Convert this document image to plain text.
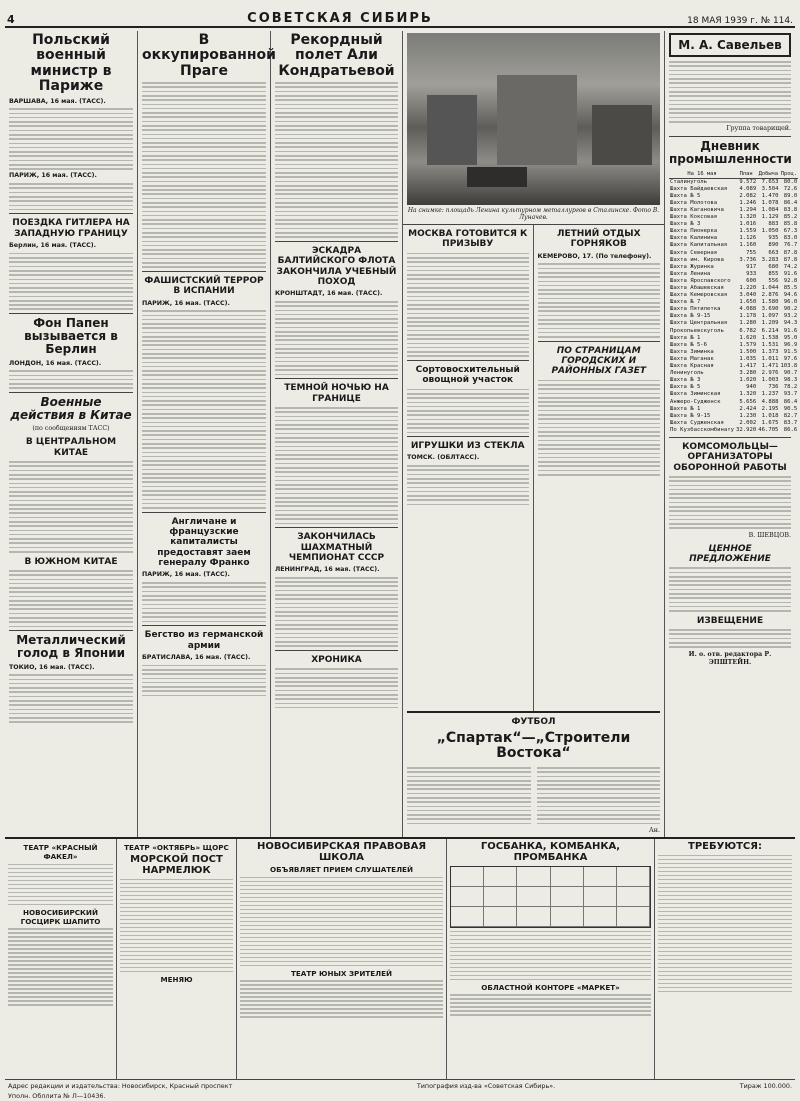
4	СОВЕТСКАЯ СИБИРЬ	18 МАЯ 1939 г. № 114.
Польский военный министр в Париже

ВАРШАВА, 16 мая. (ТАСС).

ПАРИЖ, 16 мая. (ТАСС).

ПОЕЗДКА ГИТЛЕРА НА ЗАПАДНУЮ ГРАНИЦУ

Берлин, 16 мая. (ТАСС).

Фон Папен вызывается в Берлин

ЛОНДОН, 16 мая. (ТАСС).

Военные действия в Китае

(по сообщениям ТАСС)

В ЦЕНТРАЛЬНОМ КИТАЕ
В ЮЖНОМ КИТАЕ
Металлический голод в Японии

ТОКИО, 16 мая. (ТАСС).

В оккупированной Праге
ФАШИСТСКИЙ ТЕРРОР В ИСПАНИИ

ПАРИЖ, 16 мая. (ТАСС).

Англичане и французские капиталисты предоставят заем генералу Франко

ПАРИЖ, 16 мая. (ТАСС).

Бегство из германской армии

БРАТИСЛАВА, 16 мая. (ТАСС).

Рекордный полет Али Кондратьевой
ЭСКАДРА БАЛТИЙСКОГО ФЛОТА ЗАКОНЧИЛА УЧЕБНЫЙ ПОХОД

КРОНШТАДТ, 16 мая. (ТАСС).

ТЕМНОЙ НОЧЬЮ НА ГРАНИЦЕ
ЗАКОНЧИЛАСЬ ШАХМАТНЫЙ ЧЕМПИОНАТ СССР

ЛЕНИНГРАД, 16 мая. (ТАСС).

ХРОНИКА

На снимке: площадь Ленина культурном металлургов в Сталинске. Фото В. Луначев.

МОСКВА ГОТОВИТСЯ К ПРИЗЫВУ
Сортовосхительный овощной участок
ИГРУШКИ ИЗ СТЕКЛА

ТОМСК. (ОБЛТАСС).

ЛЕТНИЙ ОТДЫХ ГОРНЯКОВ

КЕМЕРОВО, 17. (По телефону).

ПО СТРАНИЦАМ ГОРОДСКИХ И РАЙОННЫХ ГАЗЕТ
ФУТБОЛ
„Спартак“—„Строители Востока“

Ан.

М. А. Савельев

Группа товарищей.

Дневник промышленности
На 16 мая	План	Добыча	Проц.
Сталинуголь	9.572	7.653	80.0
Шахта Байдаевская	4.089	3.504	72.6
Шахта № 5	2.082	1.470	89.0
Шахта Молотова	1.246	1.078	86.4
Шахта Кагановича	1.294	1.084	83.8
Шахта Коксовая	1.320	1.129	85.2
Шахта № 3	1.016	883	85.8
Шахта Пионерка	1.559	1.050	67.3
Шахта Калинина	1.126	935	83.0
Шахта Капитальная	1.160	890	76.7
Шахта Северная	755	663	87.8
Шахта им. Кирова	3.736	3.283	87.8
Шахта Журинка	917	680	74.2
Шахта Ленина	933	855	91.6
Шахта Ярославского	600	556	92.8
Шахта Абашевская	1.220	1.044	85.5
Шахта Кемеровская	3.040	2.876	94.6
Шахта № 7	1.650	1.580	96.0
Шахта Пятилетка	4.088	3.690	90.2
Шахта № 9-15	1.178	1.097	93.2
Шахта Центральная	1.280	1.209	94.3
Прокопьевскуголь	6.782	6.214	91.6
Шахта № 1	1.620	1.538	95.0
Шахта № 5-6	1.579	1.531	96.9
Шахта Зиминка	1.500	1.373	91.5
Шахта Маганак	1.035	1.011	97.6
Шахта Красная	1.417	1.471	103.8
Ленинуголь	3.280	2.976	90.7
Шахта № 3	1.020	1.003	98.3
Шахта № 5	940	736	78.2
Шахта Зиминская	1.320	1.237	93.7
Анжеро-Судженск	5.656	4.888	86.4
Шахта № 1	2.424	2.195	90.5
Шахта № 9-15	1.230	1.018	82.7
Шахта Судженская	2.002	1.675	83.7
По Кузбасскомбинату	32.920	46.705	86.6
КОМСОМОЛЬЦЫ—ОРГАНИЗАТОРЫ ОБОРОННОЙ РАБОТЫ

В. ШЕВЦОВ.

ЦЕННОЕ ПРЕДЛОЖЕНИЕ
ИЗВЕЩЕНИЕ

И. о. отв. редактора Р. ЭПШТЕЙН.

ТЕАТР «КРАСНЫЙ ФАКЕЛ»
НОВОСИБИРСКИЙ ГОСЦИРК ШАПИТО
ТЕАТР «ОКТЯБРЬ» ЩОРС
МОРСКОЙ ПОСТ
НАРМЕЛЮК
МЕНЯЮ
НОВОСИБИРСКАЯ ПРАВОВАЯ ШКОЛА
ОБЪЯВЛЯЕТ ПРИЕМ СЛУШАТЕЛЕЙ
ТЕАТР ЮНЫХ ЗРИТЕЛЕЙ
ГОСБАНКА, КОМБАНКА, ПРОМБАНКА
ОБЛАСТНОЙ КОНТОРЕ «МАРКЕТ»
ТРЕБУЮТСЯ:
Адрес редакции и издательства: Новосибирск, Красный проспект	Типография изд-ва «Советская Сибирь».	Тираж 100.000.
Уполн. Обллита № Л—10436.
